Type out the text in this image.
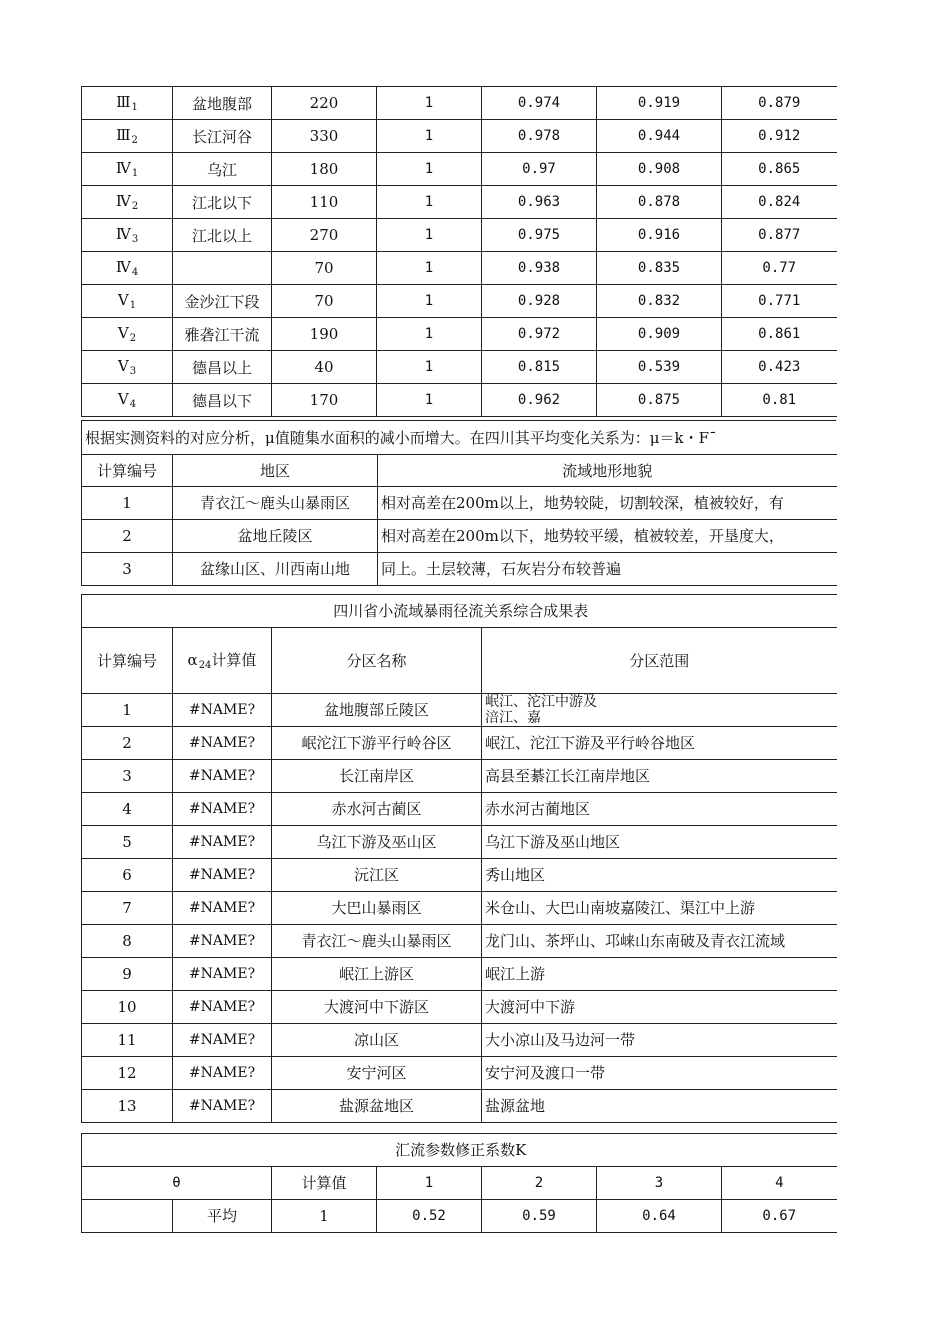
$Ⅲ_1$	盆地腹部	220	1	0.974	0.919	0.879
$Ⅲ_2$	长江河谷	330	1	0.978	0.944	0.912
$Ⅳ_1$	乌江	180	1	0.97	0.908	0.865
$Ⅳ_2$	江北以下	110	1	0.963	0.878	0.824
$Ⅳ_3$	江北以上	270	1	0.975	0.916	0.877
$Ⅳ_4$		70	1	0.938	0.835	0.77
$Ⅴ_1$	金沙江下段	70	1	0.928	0.832	0.771
$Ⅴ_2$	雅砻江干流	190	1	0.972	0.909	0.861
$Ⅴ_3$	德昌以上	40	1	0.815	0.539	0.423
$Ⅴ_4$	德昌以下	170	1	0.962	0.875	0.81
根据实测资料的对应分析，μ值随集水面积的减小而增大。在四川其平均变化关系为：μ＝k・F¯
计算编号	地区	流域地形地貌
1	青衣江～鹿头山暴雨区	相对高差在200m以上，地势较陡，切割较深，植被较好，有
2	盆地丘陵区	相对高差在200m以下，地势较平缓，植被较差，开垦度大，
3	盆缘山区、川西南山地	同上。土层较薄，石灰岩分布较普遍
四川省小流域暴雨径流关系综合成果表			
计算编号	$\alpha_{24}$计算值	分区名称	分区范围
1	#NAME?	盆地腹部丘陵区	岷江、沱江中游及涪江、嘉

2	#NAME?	岷沱江下游平行岭谷区	岷江、沱江下游及平行岭谷地区
3	#NAME?	长江南岸区	高县至綦江长江南岸地区
4	#NAME?	赤水河古蔺区	赤水河古蔺地区
5	#NAME?	乌江下游及巫山区	乌江下游及巫山地区
6	#NAME?	沅江区	秀山地区
7	#NAME?	大巴山暴雨区	米仓山、大巴山南坡嘉陵江、渠江中上游
8	#NAME?	青衣江～鹿头山暴雨区	龙门山、茶坪山、邛崃山东南破及青衣江流域
9	#NAME?	岷江上游区	岷江上游
10	#NAME?	大渡河中下游区	大渡河中下游
11	#NAME?	凉山区	大小凉山及马边河一带
12	#NAME?	安宁河区	安宁河及渡口一带
13	#NAME?	盐源盆地区	盐源盆地
汇流参数修正系数K						
θ		计算值	1	2	3	4
	平均	1	0.52	0.59	0.64	0.67
